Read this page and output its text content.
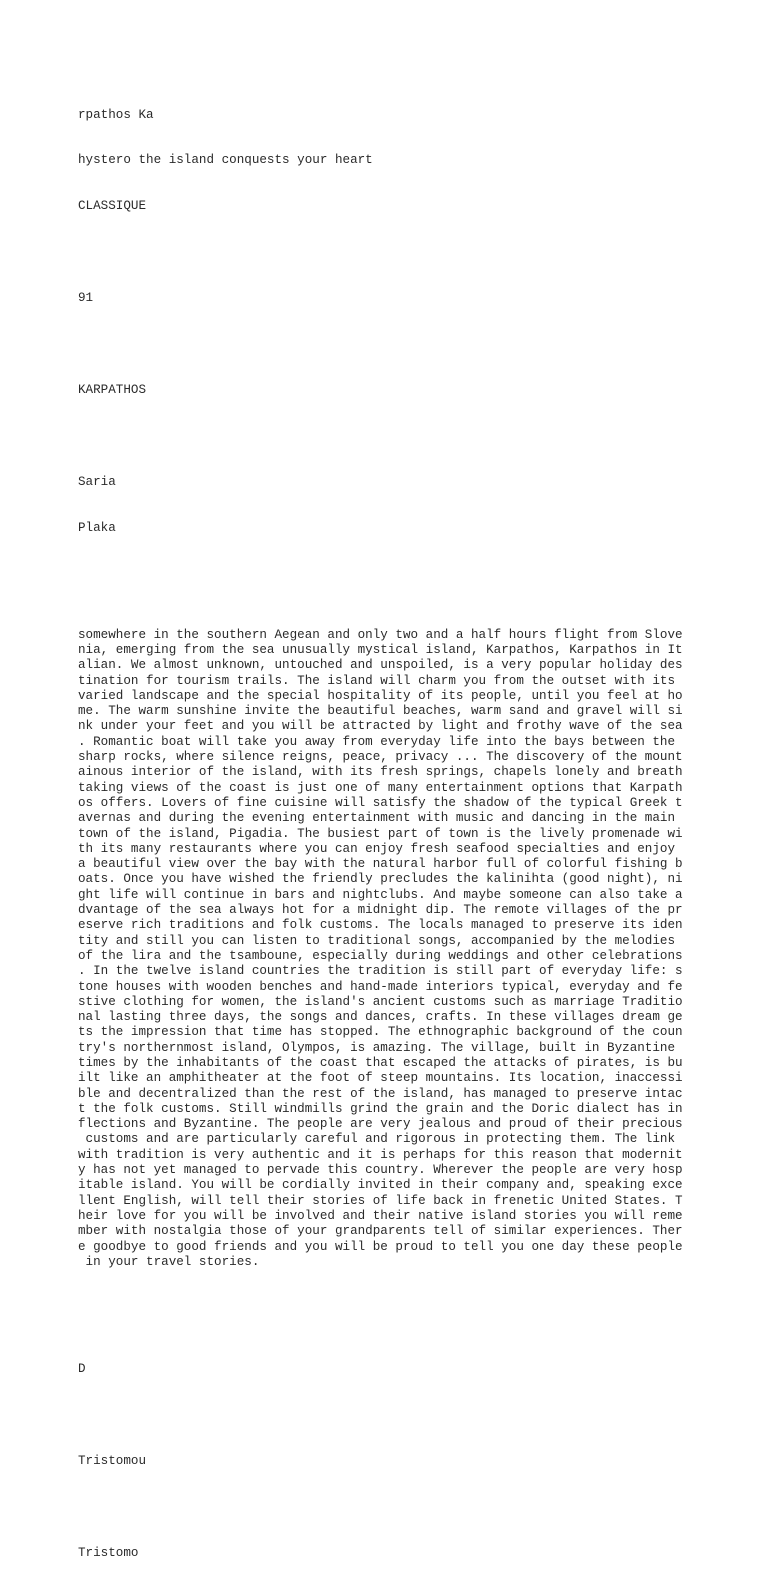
rpathos Ka

hystero the island conquests your heart

CLASSIQUE

91

KARPATHOS

Saria

Plaka

somewhere in the southern Aegean and only two and a half hours flight from Slove
nia, emerging from the sea unusually mystical island, Karpathos, Karpathos in It
alian. We almost unknown, untouched and unspoiled, is a very popular holiday des
tination for tourism trails. The island will charm you from the outset with its
varied landscape and the special hospitality of its people, until you feel at ho
me. The warm sunshine invite the beautiful beaches, warm sand and gravel will si
nk under your feet and you will be attracted by light and frothy wave of the sea
. Romantic boat will take you away from everyday life into the bays between the
sharp rocks, where silence reigns, peace, privacy ... The discovery of the mount
ainous interior of the island, with its fresh springs, chapels lonely and breath
taking views of the coast is just one of many entertainment options that Karpath
os offers. Lovers of fine cuisine will satisfy the shadow of the typical Greek t
avernas and during the evening entertainment with music and dancing in the main
town of the island, Pigadia. The busiest part of town is the lively promenade wi
th its many restaurants where you can enjoy fresh seafood specialties and enjoy
a beautiful view over the bay with the natural harbor full of colorful fishing b
oats. Once you have wished the friendly precludes the kalinihta (good night), ni
ght life will continue in bars and nightclubs. And maybe someone can also take a
dvantage of the sea always hot for a midnight dip. The remote villages of the pr
eserve rich traditions and folk customs. The locals managed to preserve its iden
tity and still you can listen to traditional songs, accompanied by the melodies
of the lira and the tsamboune, especially during weddings and other celebrations
. In the twelve island countries the tradition is still part of everyday life: s
tone houses with wooden benches and hand-made interiors typical, everyday and fe
stive clothing for women, the island's ancient customs such as marriage Traditio
nal lasting three days, the songs and dances, crafts. In these villages dream ge
ts the impression that time has stopped. The ethnographic background of the coun
try's northernmost island, Olympos, is amazing. The village, built in Byzantine
times by the inhabitants of the coast that escaped the attacks of pirates, is bu
ilt like an amphitheater at the foot of steep mountains. Its location, inaccessi
ble and decentralized than the rest of the island, has managed to preserve intac
t the folk customs. Still windmills grind the grain and the Doric dialect has in
flections and Byzantine. The people are very jealous and proud of their precious
customs and are particularly careful and rigorous in protecting them. The link
with tradition is very authentic and it is perhaps for this reason that modernit
y has not yet managed to pervade this country. Wherever the people are very hosp
itable island. You will be cordially invited in their company and, speaking exce
llent English, will tell their stories of life back in frenetic United States. T
heir love for you will be involved and their native island stories you will reme
mber with nostalgia those of your grandparents tell of similar experiences. Ther
e goodbye to good friends and you will be proud to tell you one day these people
in your travel stories.

D

Tristomou

Tristomo
